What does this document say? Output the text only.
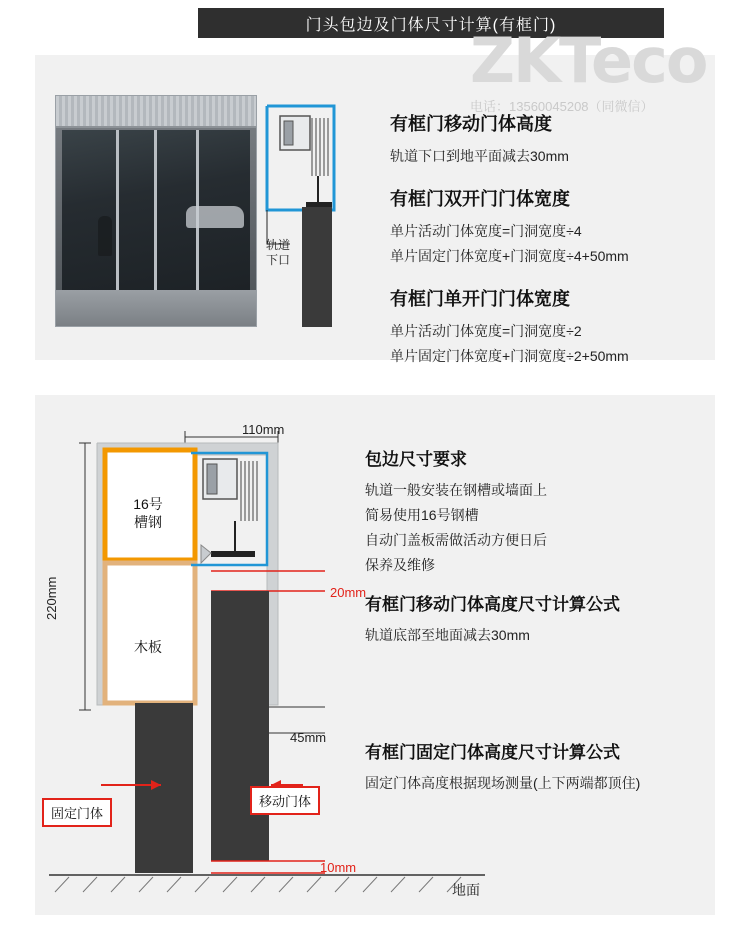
门头包边及门体尺寸计算(有框门)
ZKTeco
电话：13560045208（同微信）
轨道
下口

有框门移动门体高度

轨道下口到地平面减去30mm

有框门双开门门体宽度

单片活动门体宽度=门洞宽度÷4

单片固定门体宽度+门洞宽度÷4+50mm

有框门单开门门体宽度

单片活动门体宽度=门洞宽度÷2

单片固定门体宽度+门洞宽度÷2+50mm

110mm
220mm	20mm
45mm
10mm
16号
槽钢
木板
固定门体
移动门体
地面

包边尺寸要求

轨道一般安装在钢槽或墙面上

简易使用16号钢槽

自动门盖板需做活动方便日后

保养及维修

有框门移动门体高度尺寸计算公式

轨道底部至地面减去30mm

有框门固定门体高度尺寸计算公式

固定门体高度根据现场测量(上下两端都顶住)
